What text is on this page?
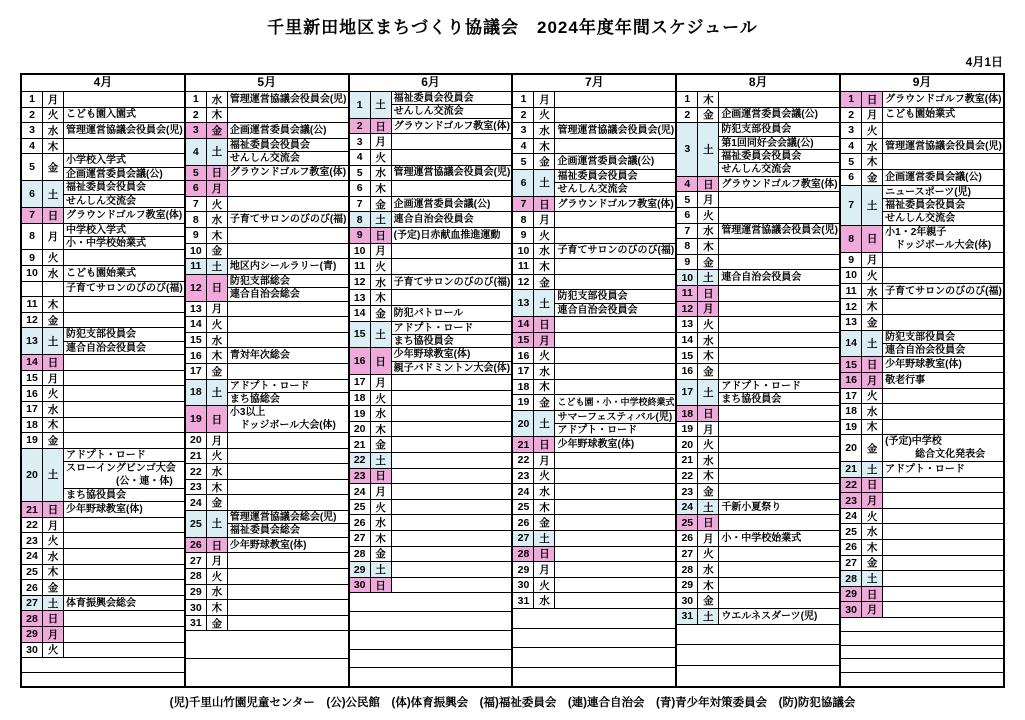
千里新田地区まちづくり協議会　2024年度年間スケジュール
4月1日
4月
1	月
2	火 こども園入園式
3	水 管理運営協議会役員会(児)
4	木
5	金
小学校入学式
企画運営委員会議(公)
6	土
福祉委員会役員会
せんしん交流会
7	日 グラウンドゴルフ教室(体)
8	月
中学校入学式
小・中学校始業式
9	火
10 水 こども園始業式
子育てサロンのびのび(福)
11 木
12 金
13 土
防犯支部役員会
連合自治会役員会
14 日
15 月
16 火
17 水
18 木
19 金
20 土
アドプト・ロード
スローイングビンゴ大会
　　　　　(公・連・体)
まち協役員会
21 日 少年野球教室(体)
22 月
23 火
24 水
25 木
26 金
27 土 体育振興会総会
28 日
29 月
30 火
5月
1	水 管理運営協議会役員会(児)
2	木
3	金 企画運営委員会議(公)
4	土
福祉委員会役員会
せんしん交流会
5	日 グラウンドゴルフ教室(体)
6	月
7	火
8	水 子育てサロンのびのび(福)
9	木
10 金
11 土 地区内シールラリー(青)
12 日
防犯支部総会
連合自治会総会
13 月
14 火
15 水
16 木 青対年次総会
17 金
18 土
アドプト・ロード
まち協総会
19 日
小3以上
　ドッジボール大会(体)
20 月
21 火
22 水
23 木
24 金
25 土
管理運営協議会総会(児)
福祉委員会総会
26 日 少年野球教室(体)
27 月
28 火
29 水
30 木
31 金
6月
1	土
福祉委員会役員会
せんしん交流会
2	日 グラウンドゴルフ教室(体)
3	月
4	火
5	水 管理運営協議会役員会(児)
6	木
7	金 企画運営委員会議(公)
8	土 連合自治会役員会
9	日 (予定)日赤献血推進運動
10 月
11 火
12 水 子育てサロンのびのび(福)
13 木
14 金 防犯パトロール
15 土
アドプト・ロード
まち協役員会
16 日
少年野球教室(体)
親子バドミントン大会(体)
17 月
18 火
19 水
20 木
21 金
22 土
23 日
24 月
25 火
26 水
27 木
28 金
29 土
30 日
7月
1	月
2	火
3	水 管理運営協議会役員会(児)
4	木
5	金 企画運営委員会議(公)
6	土
福祉委員会役員会
せんしん交流会
7	日 グラウンドゴルフ教室(体)
8	月
9	火
10 水 子育てサロンのびのび(福)
11 木
12 金
13 土
防犯支部役員会
連合自治会役員会
14 日
15 月
16 火
17 水
18 木
19 金 こども園・小・中学校終業式
20 土
サマーフェスティバル(児)
アドプト・ロード
21 日 少年野球教室(体)
22 月
23 火
24 水
25 木
26 金
27 土
28 日
29 月
30 火
31 水
8月
1	木
2	金 企画運営委員会議(公)
3	土
防犯支部役員会
第1回同好会会議(公)
福祉委員会役員会
せんしん交流会
4	日 グラウンドゴルフ教室(体)
5	月
6	火
7	水 管理運営協議会役員会(児)
8	木
9	金
10 土 連合自治会役員会
11 日
12 月
13 火
14 水
15 木
16 金
17 土
アドプト・ロード
まち協役員会
18 日
19 月
20 火
21 水
22 木
23 金
24 土 千新小夏祭り
25 日
26 月 小・中学校始業式
27 火
28 水
29 木
30 金
31 土 ウエルネスダーツ(児)
9月
1	日 グラウンドゴルフ教室(体)
2	月 こども園始業式
3	火
4	水 管理運営協議会役員会(児)
5	木
6	金 企画運営委員会議(公)
7	土
ニュースポーツ(児)
福祉委員会役員会
せんしん交流会
8	日
小1・2年親子
　ドッジボール大会(体)
9	月
10 火
11 水 子育てサロンのびのび(福)
12 木
13 金
14 土
防犯支部役員会
連合自治会役員会
15 日 少年野球教室(体)
16 月 敬老行事
17 火
18 水
19 木
20 金
(予定)中学校
　　　総合文化発表会
21 土 アドプト・ロード
22 日
23 月
24 火
25 水
26 木
27 金
28 土
29 日
30 月
(児)千里山竹園児童センター　(公)公民館　(体)体育振興会　(福)福祉委員会　(連)連合自治会　(青)青少年対策委員会　(防)防犯協議会
